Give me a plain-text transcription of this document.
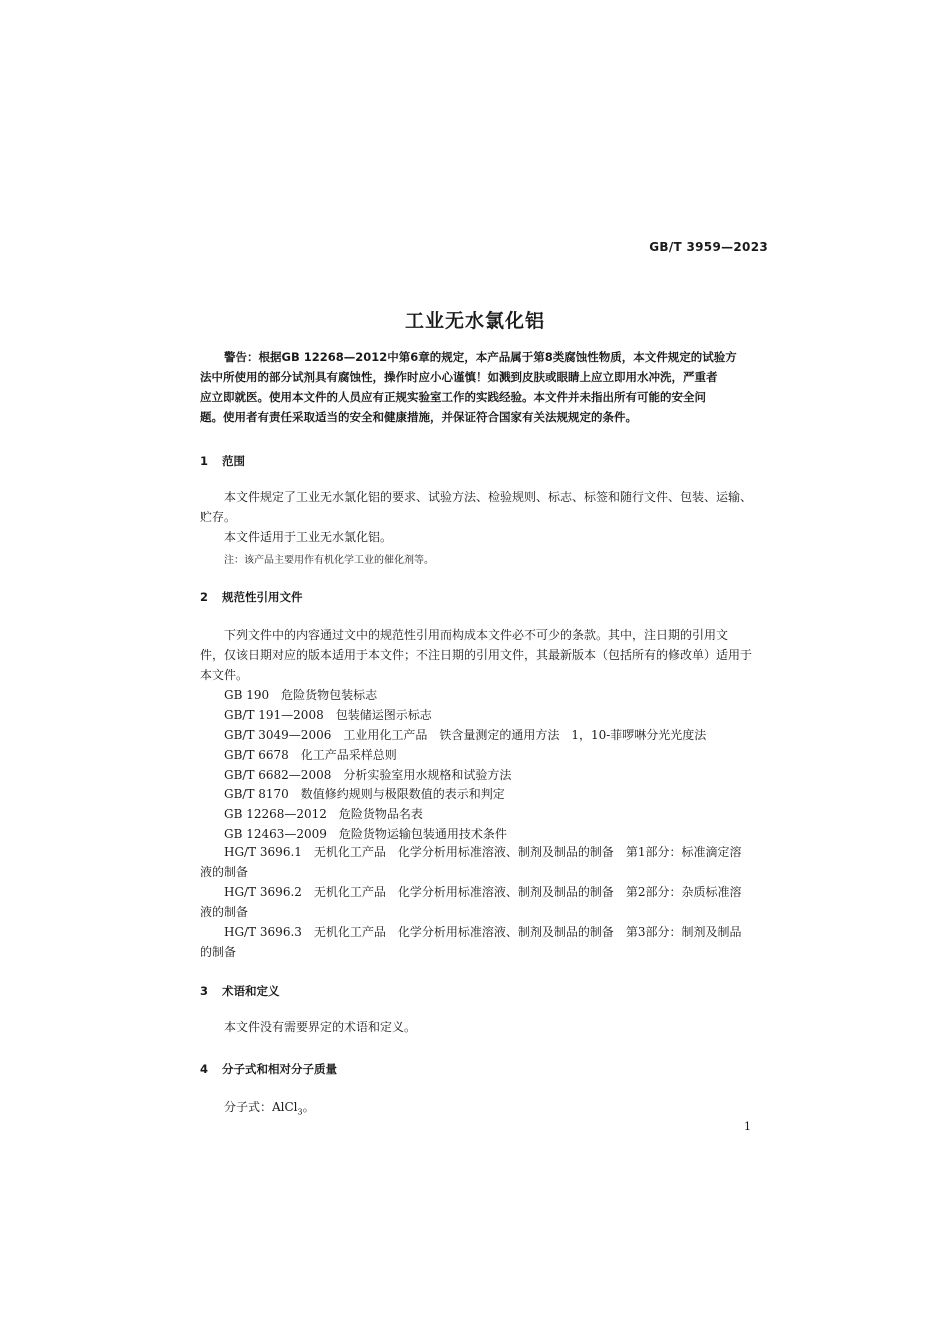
GB/T 3959—2023
工业无水氯化铝
警告：根据GB 12268—2012中第6章的规定，本产品属于第8类腐蚀性物质，本文件规定的试验方
法中所使用的部分试剂具有腐蚀性，操作时应小心谨慎！如溅到皮肤或眼睛上应立即用水冲洗，严重者
应立即就医。使用本文件的人员应有正规实验室工作的实践经验。本文件并未指出所有可能的安全问
题。使用者有责任采取适当的安全和健康措施，并保证符合国家有关法规规定的条件。
1 范围
本文件规定了工业无水氯化铝的要求、试验方法、检验规则、标志、标签和随行文件、包装、运输、
贮存。
本文件适用于工业无水氯化铝。
注：该产品主要用作有机化学工业的催化剂等。
2 规范性引用文件
下列文件中的内容通过文中的规范性引用而构成本文件必不可少的条款。其中，注日期的引用文
件，仅该日期对应的版本适用于本文件；不注日期的引用文件，其最新版本（包括所有的修改单）适用于
本文件。
GB 190　危险货物包装标志
GB/T 191—2008　包装储运图示标志
GB/T 3049—2006　工业用化工产品　铁含量测定的通用方法　1，10-菲啰啉分光光度法
GB/T 6678　化工产品采样总则
GB/T 6682—2008　分析实验室用水规格和试验方法
GB/T 8170　数值修约规则与极限数值的表示和判定
GB 12268—2012　危险货物品名表
GB 12463—2009　危险货物运输包装通用技术条件
HG/T 3696.1　无机化工产品　化学分析用标准溶液、制剂及制品的制备　第1部分：标准滴定溶
液的制备
HG/T 3696.2　无机化工产品　化学分析用标准溶液、制剂及制品的制备　第2部分：杂质标准溶
液的制备
HG/T 3696.3　无机化工产品　化学分析用标准溶液、制剂及制品的制备　第3部分：制剂及制品
的制备
3 术语和定义
本文件没有需要界定的术语和定义。
4 分子式和相对分子质量
分子式：AlCl$_3$。
1
